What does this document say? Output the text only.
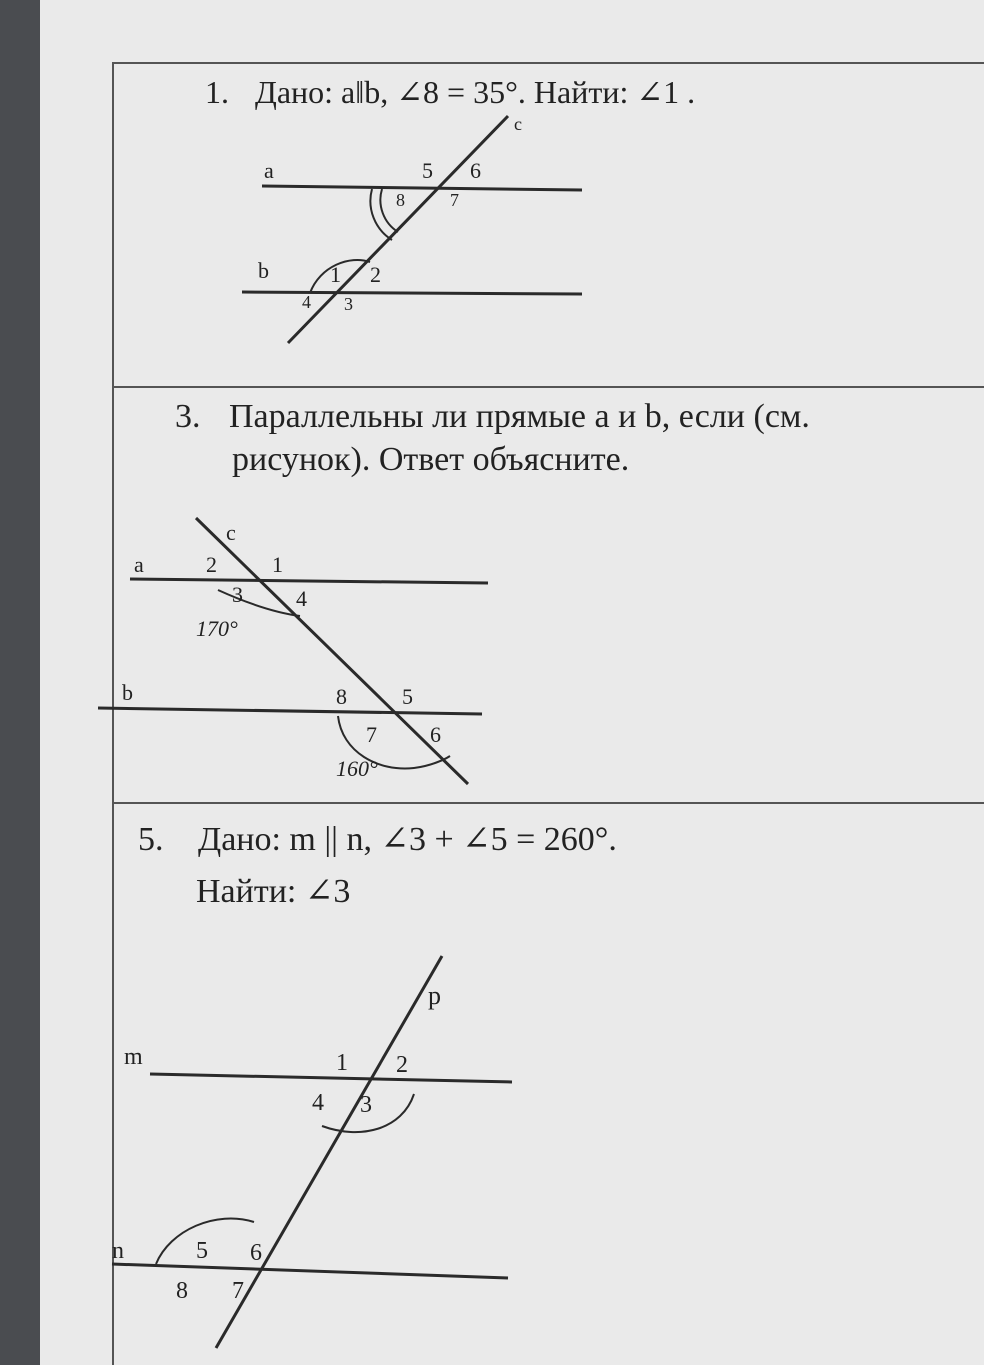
1. Дано: a‖b, ∠8 = 35°. Найти: ∠1 .
3. Параллельны ли прямые a и b, если (см.
рисунок). Ответ объясните.
5. Дано: m || n, ∠3 + ∠5 = 260°.
Найти: ∠3
a
b
c
5 6
8	7
1 2
4 3
c
a	2	1
3 4
170°
b	8	5
7 6
160°
p
m	1 2
4 3
n	5 6
8 7
